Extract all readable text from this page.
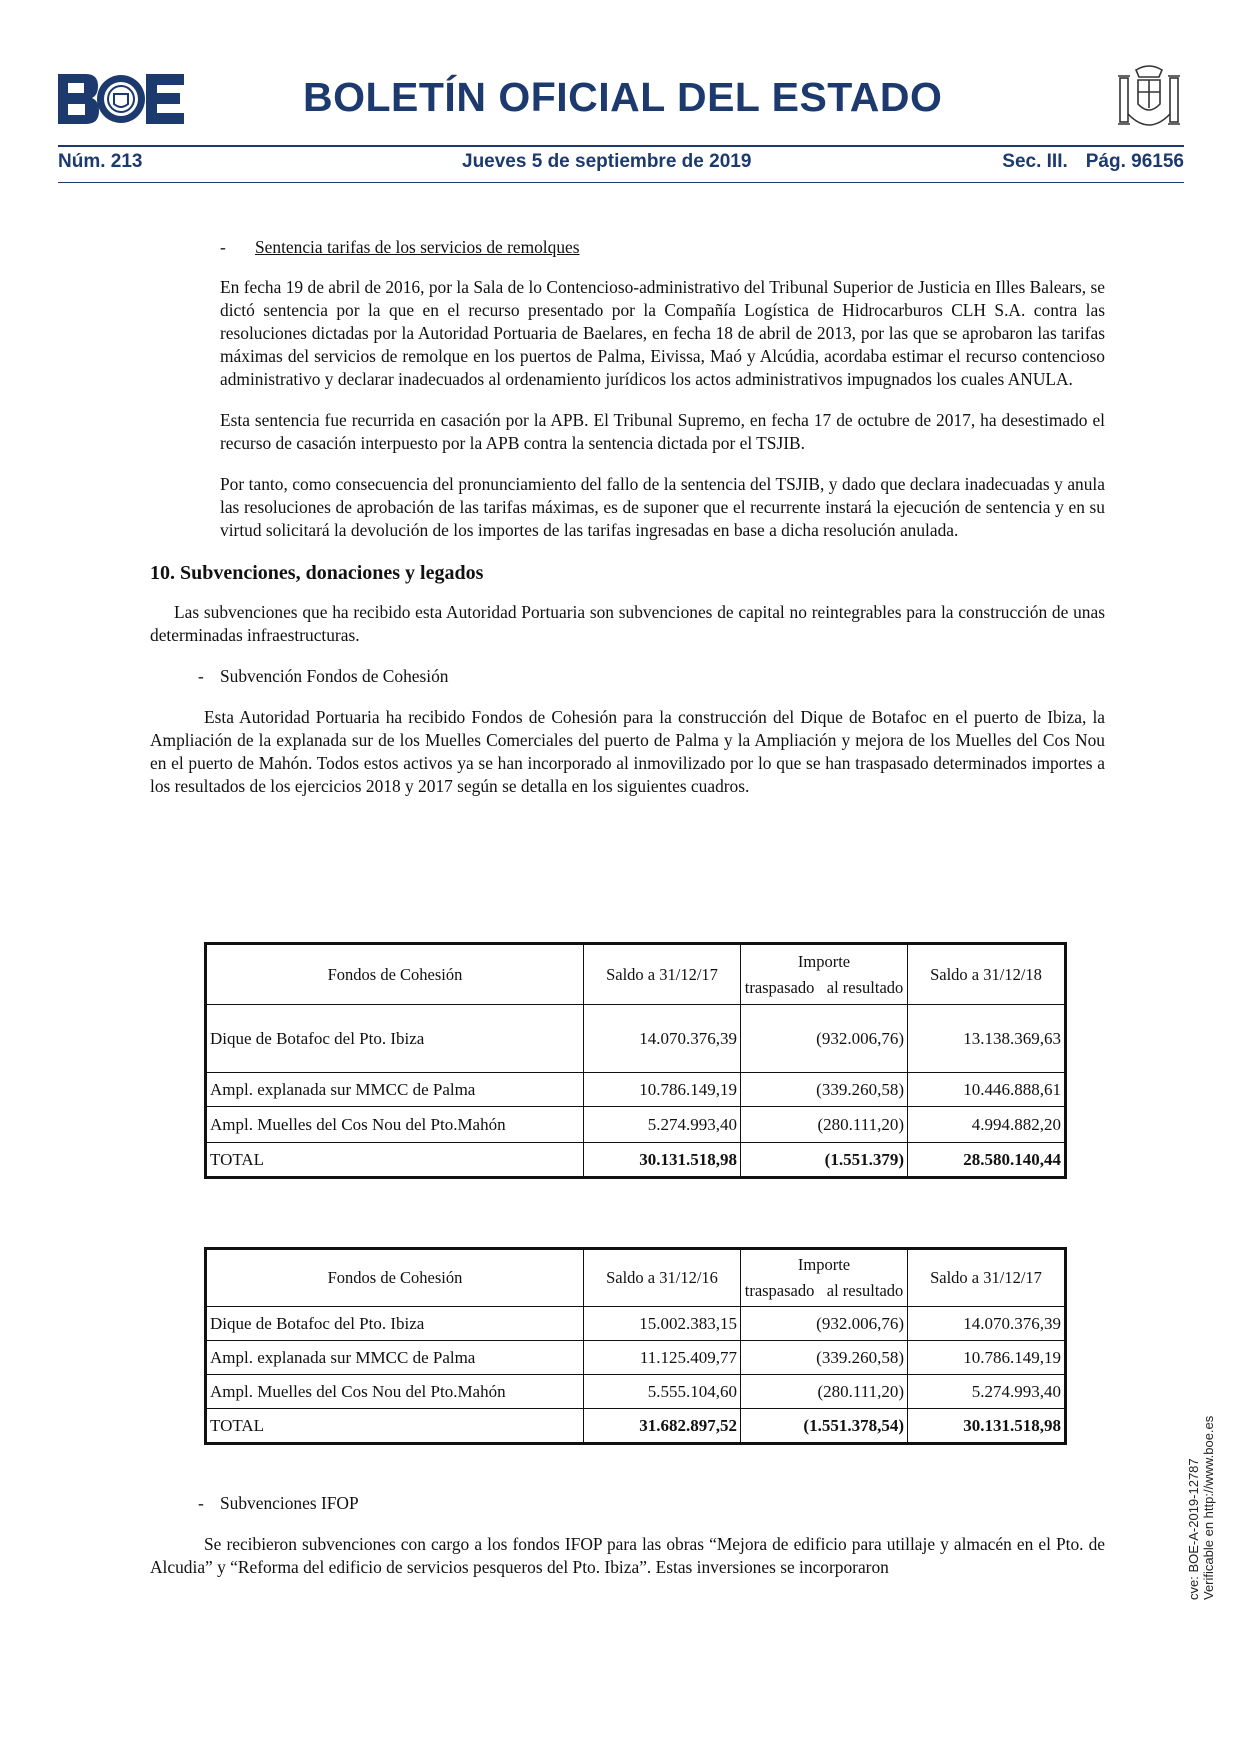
BOLETÍN OFICIAL DEL ESTADO
Núm. 213	Jueves 5 de septiembre de 2019	Sec. III. Pág. 96156
- Sentencia tarifas de los servicios de remolques

En fecha 19 de abril de 2016, por la Sala de lo Contencioso-administrativo del Tribunal Superior de Justicia en Illes Balears, se dictó sentencia por la que en el recurso presentado por la Compañía Logística de Hidrocarburos CLH S.A. contra las resoluciones dictadas por la Autoridad Portuaria de Baelares, en fecha 18 de abril de 2013, por las que se aprobaron las tarifas máximas del servicios de remolque en los puertos de Palma, Eivissa, Maó y Alcúdia, acordaba estimar el recurso contencioso administrativo y declarar inadecuados al ordenamiento jurídicos los actos administrativos impugnados los cuales ANULA.

Esta sentencia fue recurrida en casación por la APB. El Tribunal Supremo, en fecha 17 de octubre de 2017, ha desestimado el recurso de casación interpuesto por la APB contra la sentencia dictada por el TSJIB.

Por tanto, como consecuencia del pronunciamiento del fallo de la sentencia del TSJIB, y dado que declara inadecuadas y anula las resoluciones de aprobación de las tarifas máximas, es de suponer que el recurrente instará la ejecución de sentencia y en su virtud solicitará la devolución de los importes de las tarifas ingresadas en base a dicha resolución anulada.

10. Subvenciones, donaciones y legados

Las subvenciones que ha recibido esta Autoridad Portuaria son subvenciones de capital no reintegrables para la construcción de unas determinadas infraestructuras.

- Subvención Fondos de Cohesión

Esta Autoridad Portuaria ha recibido Fondos de Cohesión para la construcción del Dique de Botafoc en el puerto de Ibiza, la Ampliación de la explanada sur de los Muelles Comerciales del puerto de Palma y la Ampliación y mejora de los Muelles del Cos Nou en el puerto de Mahón. Todos estos activos ya se han incorporado al inmovilizado por lo que se han traspasado determinados importes a los resultados de los ejercicios 2018 y 2017 según se detalla en los siguientes cuadros.

Fondos de Cohesión	Saldo a 31/12/17	Importe
traspasado   al resultado	Saldo a 31/12/18
Dique de Botafoc del Pto. Ibiza	14.070.376,39	(932.006,76)	13.138.369,63
Ampl. explanada sur MMCC de Palma	10.786.149,19	(339.260,58)	10.446.888,61
Ampl. Muelles del Cos Nou del Pto.Mahón	5.274.993,40	(280.111,20)	4.994.882,20
TOTAL	30.131.518,98	(1.551.379)	28.580.140,44
Fondos de Cohesión	Saldo a 31/12/16	Importe
traspasado   al resultado	Saldo a 31/12/17
Dique de Botafoc del Pto. Ibiza	15.002.383,15	(932.006,76)	14.070.376,39
Ampl. explanada sur MMCC de Palma	11.125.409,77	(339.260,58)	10.786.149,19
Ampl. Muelles del Cos Nou del Pto.Mahón	5.555.104,60	(280.111,20)	5.274.993,40
TOTAL	31.682.897,52	(1.551.378,54)	30.131.518,98
- Subvenciones IFOP

Se recibieron subvenciones con cargo a los fondos IFOP para las obras “Mejora de edificio para utillaje y almacén en el Pto. de Alcudia” y “Reforma del edificio de servicios pesqueros del Pto. Ibiza”. Estas inversiones se incorporaron	cve: BOE-A-2019-12787 Verificable en http://www.boe.es
